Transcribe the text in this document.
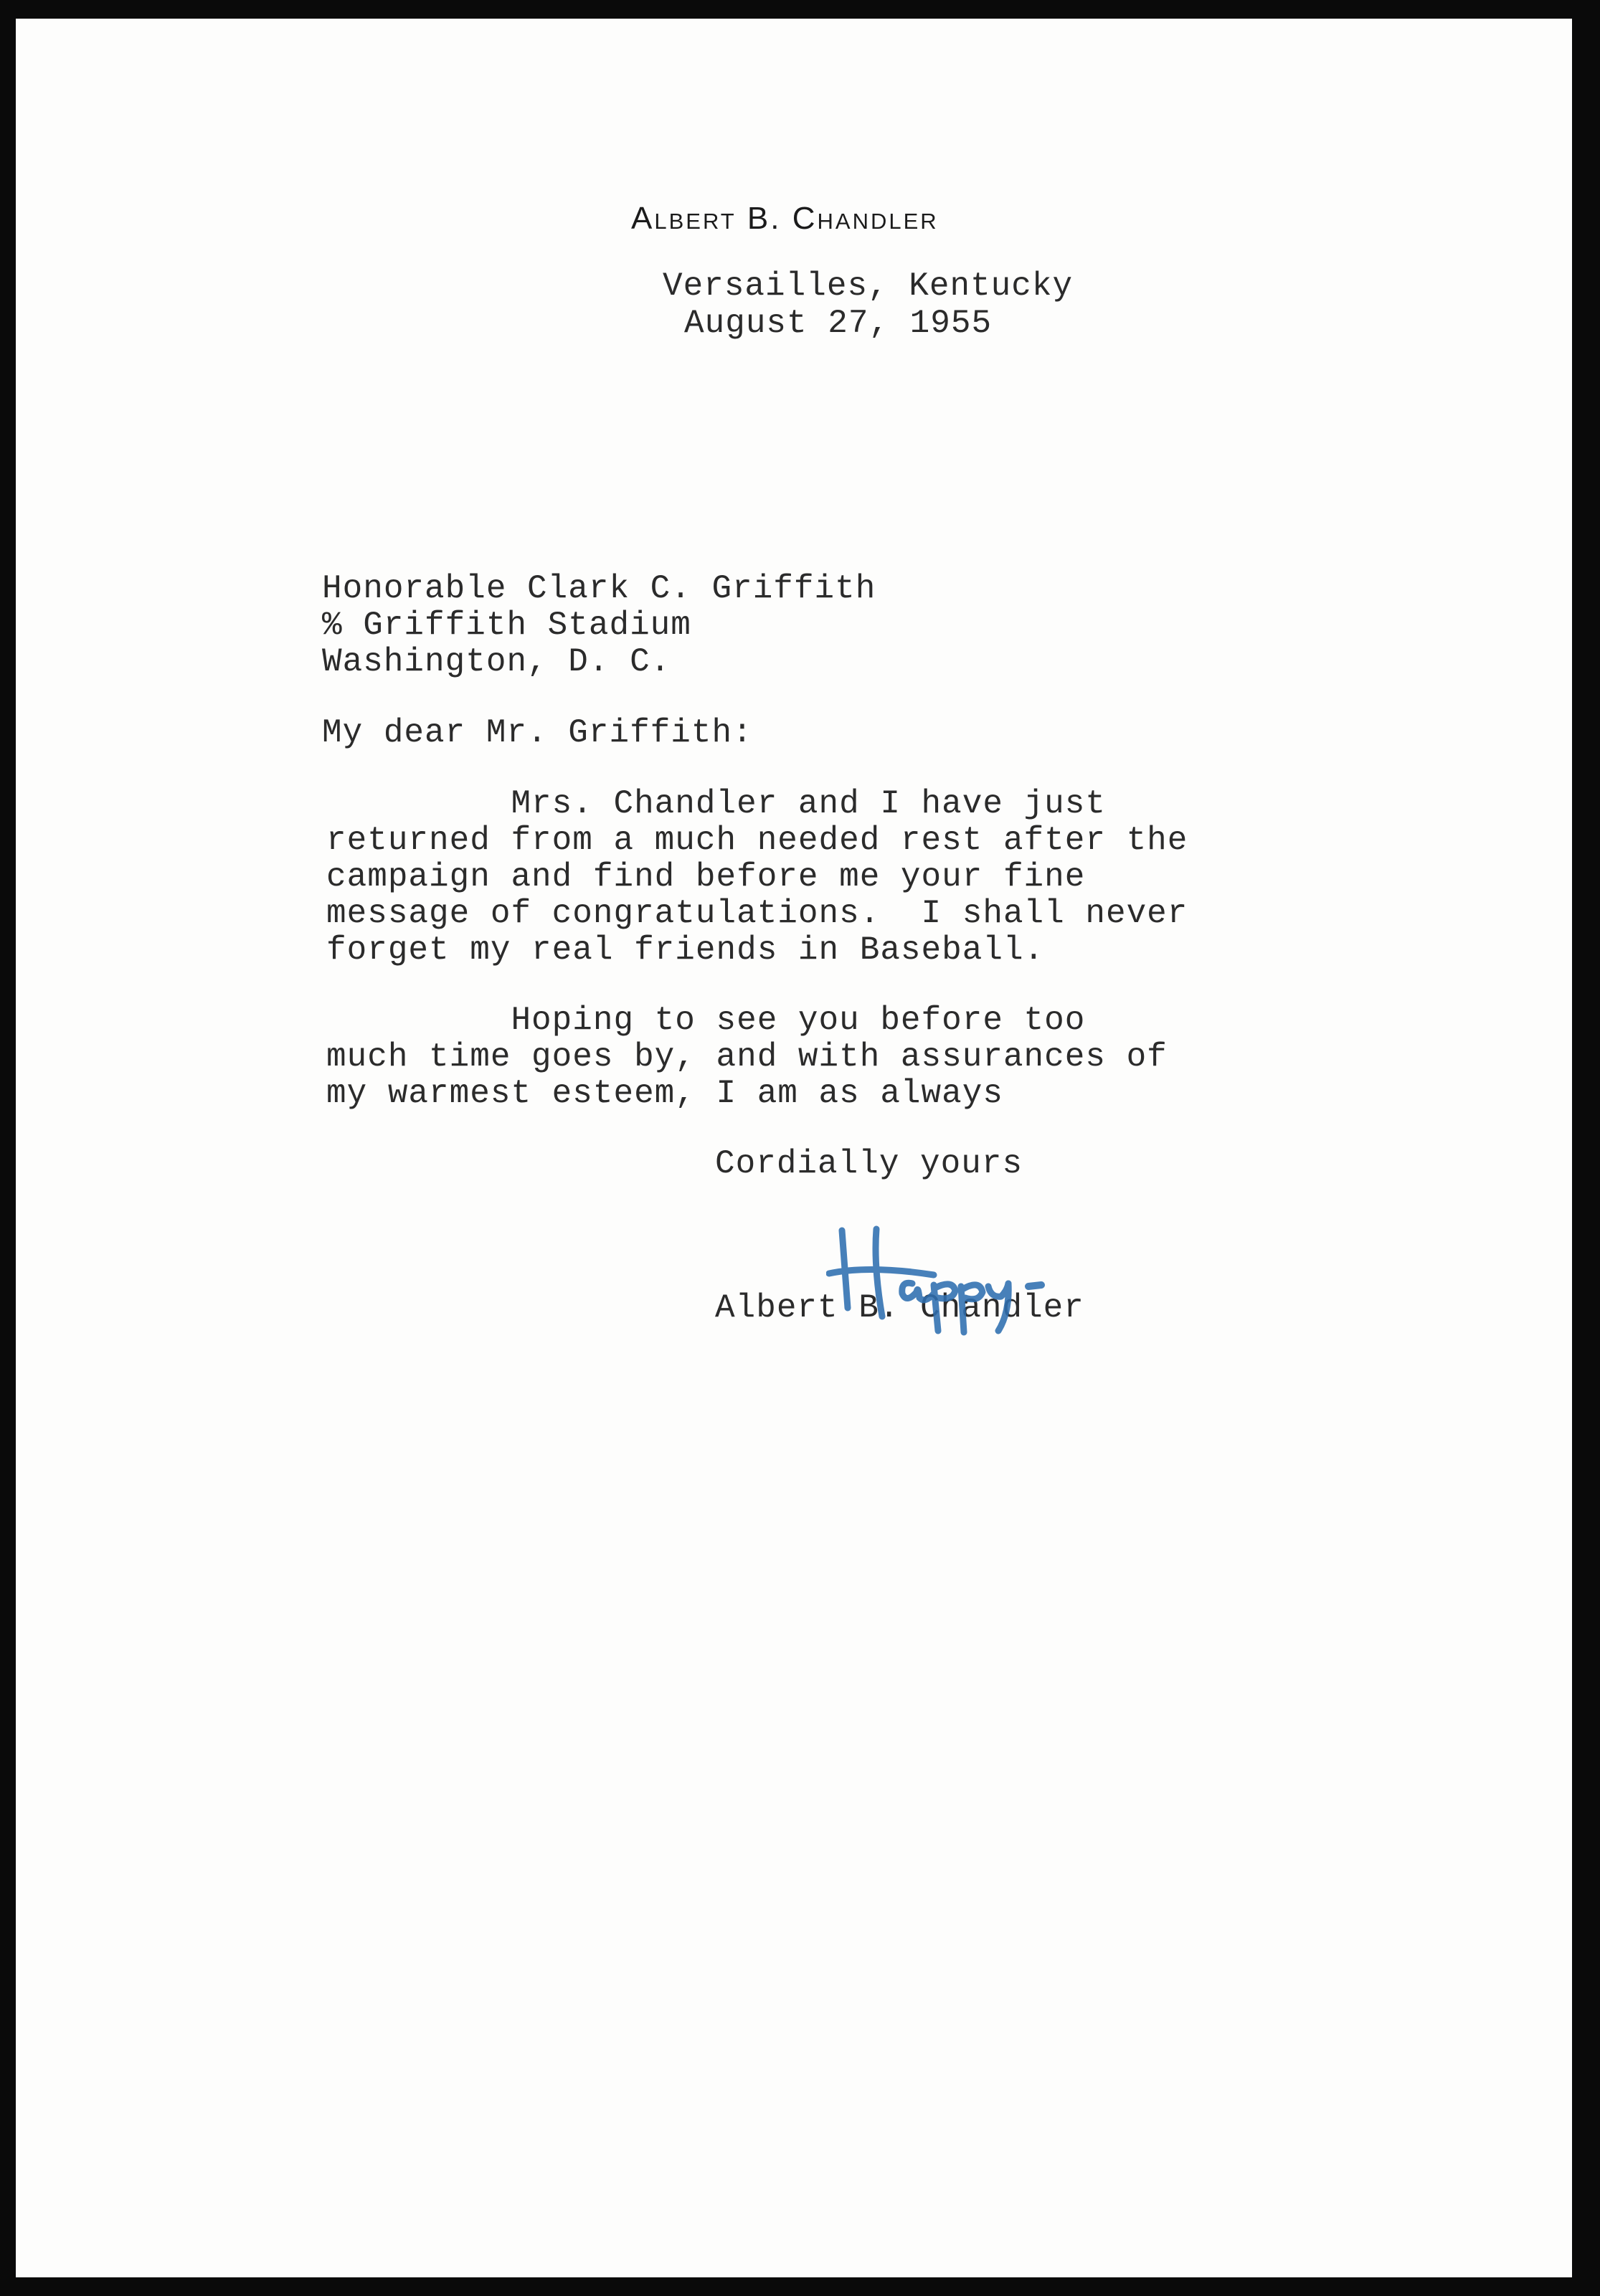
Albert B. Chandler
Versailles, Kentucky
August 27, 1955
Honorable Clark C. Griffith
% Griffith Stadium
Washington, D. C.
My dear Mr. Griffith:
Mrs. Chandler and I have just
returned from a much needed rest after the
campaign and find before me your fine
message of congratulations.  I shall never
forget my real friends in Baseball.
Hoping to see you before too
much time goes by, and with assurances of
my warmest esteem, I am as always
Cordially yours
Albert B. Chandler
